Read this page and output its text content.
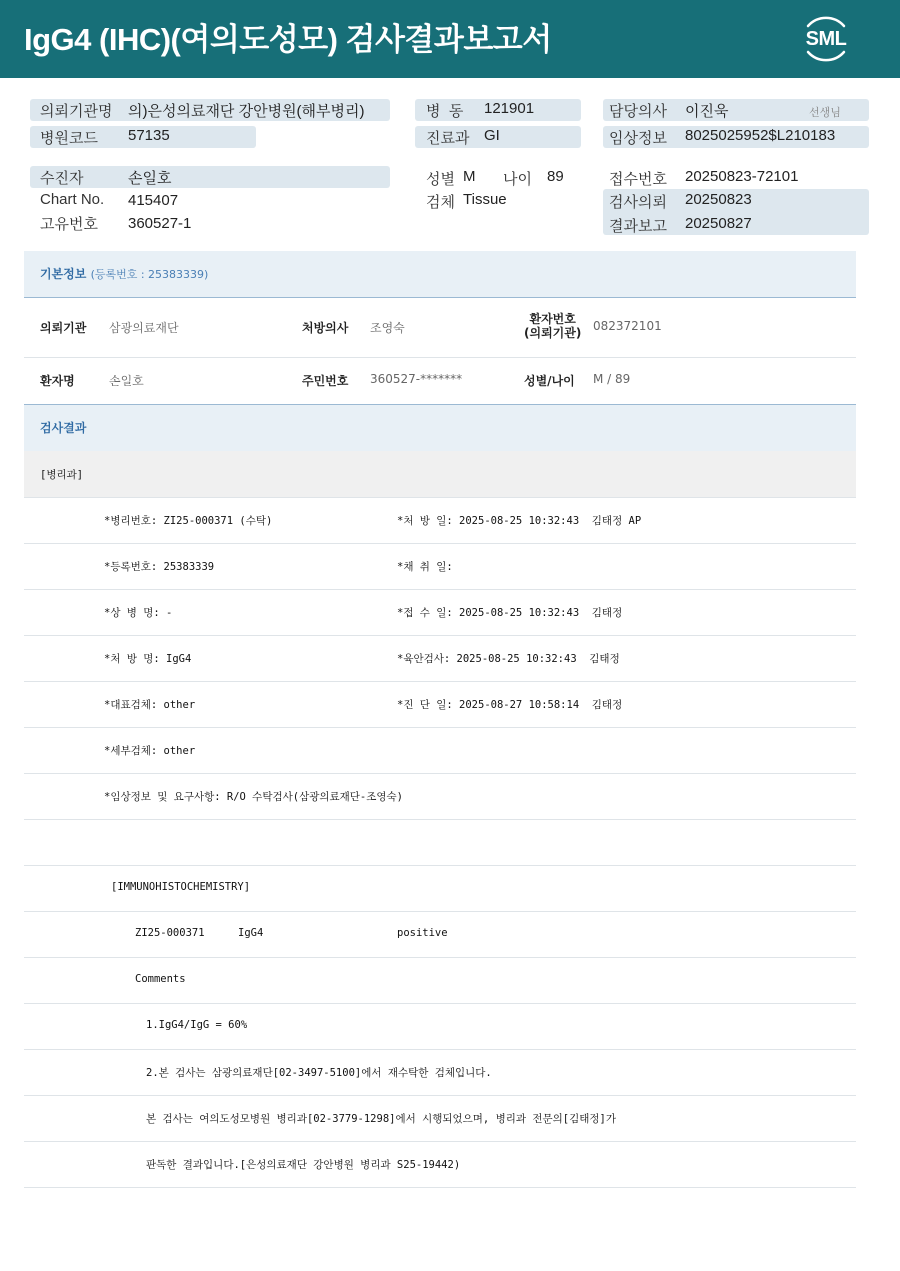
IgG4 (IHC)(여의도성모) 검사결과보고서	SML
의뢰기관명 의)은성의료재단 강안병원(해부병리)
병원코드 57135
병  동 121901
진료과 GI
담당의사 이진욱	선생님
임상정보 8025025952$L210183
수진자	손일호
Chart No. 415407
고유번호 360527-1
성별 M 나이 89
검체 Tissue
접수번호 20250823-72101
검사의뢰 20250823
결과보고 20250827
기본정보 (등록번호 : 25383339)
의뢰기관 삼광의료재단	처방의사 조영숙
환자번호
(의뢰기관) 082372101
환자명	손일호	주민번호 360527-*******	성별/나이 M / 89
검사결과
[병리과]
*병리번호: ZI25-000371 (수탁)	*처 방 일: 2025-08-25 10:32:43  김태정 AP
*등록번호: 25383339	*채 취 일:
*상 병 명: -	*접 수 일: 2025-08-25 10:32:43  김태정
*처 방 명: IgG4	*육안검사: 2025-08-25 10:32:43  김태정
*대표검체: other	*진 단 일: 2025-08-27 10:58:14  김태정
*세부검체: other
*임상정보 및 요구사항: R/O 수탁검사(삼광의료재단-조영숙)
[IMMUNOHISTOCHEMISTRY]
ZI25-000371	IgG4	positive
Comments
1.IgG4/IgG = 60%
2.본 검사는 삼광의료재단[02-3497-5100]에서 재수탁한 검체입니다.
본 검사는 여의도성모병원 병리과[02-3779-1298]에서 시행되었으며, 병리과 전문의[김태정]가
판독한 결과입니다.[은성의료재단 강안병원 병리과 S25-19442)
